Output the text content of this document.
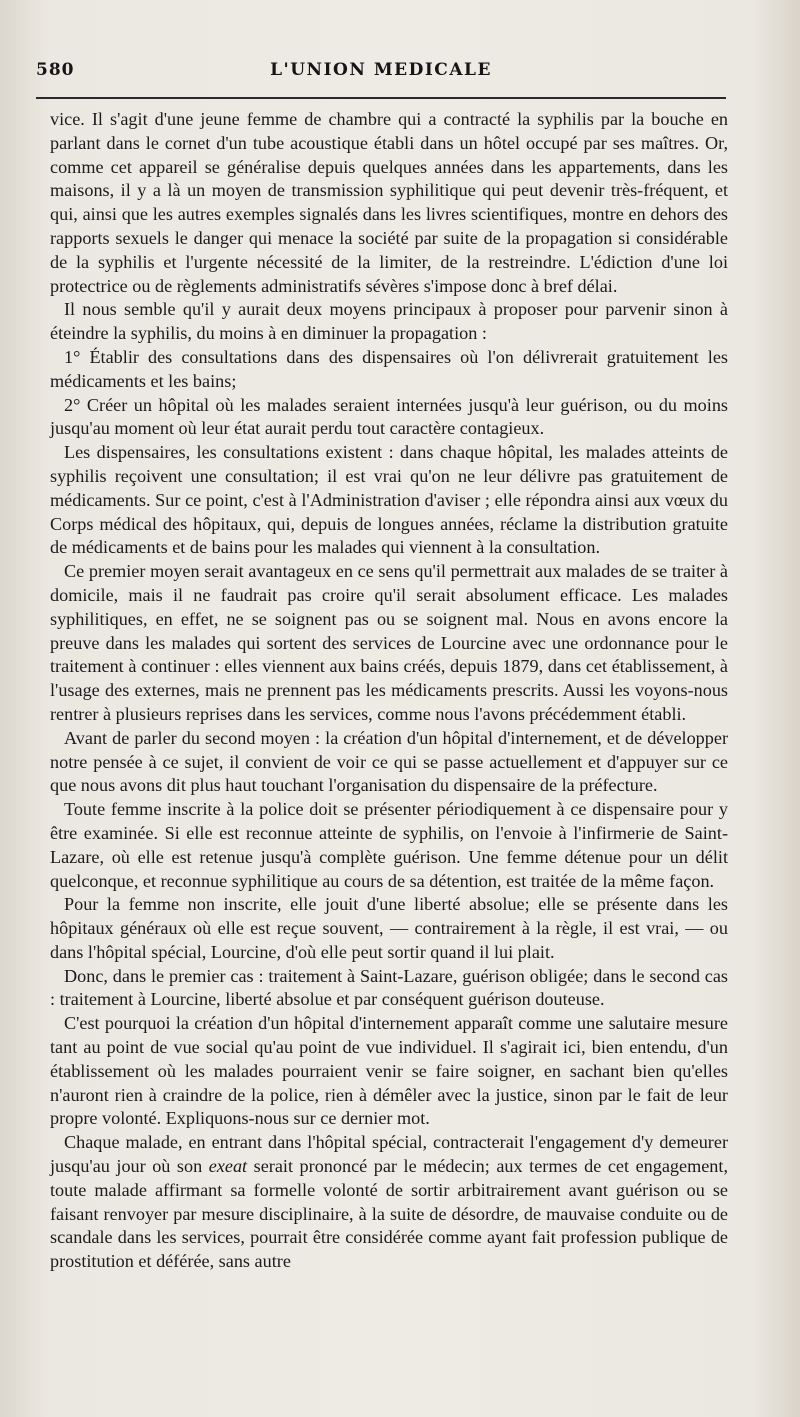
580	L'UNION MEDICALE

vice. Il s'agit d'une jeune femme de chambre qui a contracté la syphilis par la bouche en parlant dans le cornet d'un tube acoustique établi dans un hôtel occupé par ses maîtres. Or, comme cet appareil se généralise depuis quelques années dans les appartements, dans les maisons, il y a là un moyen de transmission syphilitique qui peut devenir très-fréquent, et qui, ainsi que les autres exemples signalés dans les livres scientifiques, montre en dehors des rapports sexuels le danger qui menace la société par suite de la propagation si considérable de la syphilis et l'urgente nécessité de la limiter, de la restreindre. L'édiction d'une loi protectrice ou de règlements administratifs sévères s'impose donc à bref délai.

Il nous semble qu'il y aurait deux moyens principaux à proposer pour parvenir sinon à éteindre la syphilis, du moins à en diminuer la propagation :

1° Établir des consultations dans des dispensaires où l'on délivrerait gratuitement les médicaments et les bains;

2° Créer un hôpital où les malades seraient internées jusqu'à leur guérison, ou du moins jusqu'au moment où leur état aurait perdu tout caractère contagieux.

Les dispensaires, les consultations existent : dans chaque hôpital, les malades atteints de syphilis reçoivent une consultation; il est vrai qu'on ne leur délivre pas gratuitement de médicaments. Sur ce point, c'est à l'Administration d'aviser ; elle répondra ainsi aux vœux du Corps médical des hôpitaux, qui, depuis de longues années, réclame la distribution gratuite de médicaments et de bains pour les malades qui viennent à la consultation.

Ce premier moyen serait avantageux en ce sens qu'il permettrait aux malades de se traiter à domicile, mais il ne faudrait pas croire qu'il serait absolument efficace. Les malades syphilitiques, en effet, ne se soignent pas ou se soignent mal. Nous en avons encore la preuve dans les malades qui sortent des services de Lourcine avec une ordonnance pour le traitement à continuer : elles viennent aux bains créés, depuis 1879, dans cet établissement, à l'usage des externes, mais ne prennent pas les médicaments prescrits. Aussi les voyons-nous rentrer à plusieurs reprises dans les services, comme nous l'avons précédemment établi.

Avant de parler du second moyen : la création d'un hôpital d'internement, et de développer notre pensée à ce sujet, il convient de voir ce qui se passe actuellement et d'appuyer sur ce que nous avons dit plus haut touchant l'organisation du dispensaire de la préfecture.

Toute femme inscrite à la police doit se présenter périodiquement à ce dispensaire pour y être examinée. Si elle est reconnue atteinte de syphilis, on l'envoie à l'infirmerie de Saint-Lazare, où elle est retenue jusqu'à complète guérison. Une femme détenue pour un délit quelconque, et reconnue syphilitique au cours de sa détention, est traitée de la même façon.

Pour la femme non inscrite, elle jouit d'une liberté absolue; elle se présente dans les hôpitaux généraux où elle est reçue souvent, — contrairement à la règle, il est vrai, — ou dans l'hôpital spécial, Lourcine, d'où elle peut sortir quand il lui plait.

Donc, dans le premier cas : traitement à Saint-Lazare, guérison obligée; dans le second cas : traitement à Lourcine, liberté absolue et par conséquent guérison douteuse.

C'est pourquoi la création d'un hôpital d'internement apparaît comme une salutaire mesure tant au point de vue social qu'au point de vue individuel. Il s'agirait ici, bien entendu, d'un établissement où les malades pourraient venir se faire soigner, en sachant bien qu'elles n'auront rien à craindre de la police, rien à démêler avec la justice, sinon par le fait de leur propre volonté. Expliquons-nous sur ce dernier mot.

Chaque malade, en entrant dans l'hôpital spécial, contracterait l'engagement d'y demeurer jusqu'au jour où son exeat serait prononcé par le médecin; aux termes de cet engagement, toute malade affirmant sa formelle volonté de sortir arbitrairement avant guérison ou se faisant renvoyer par mesure disciplinaire, à la suite de désordre, de mauvaise conduite ou de scandale dans les services, pourrait être considérée comme ayant fait profession publique de prostitution et déférée, sans autre
